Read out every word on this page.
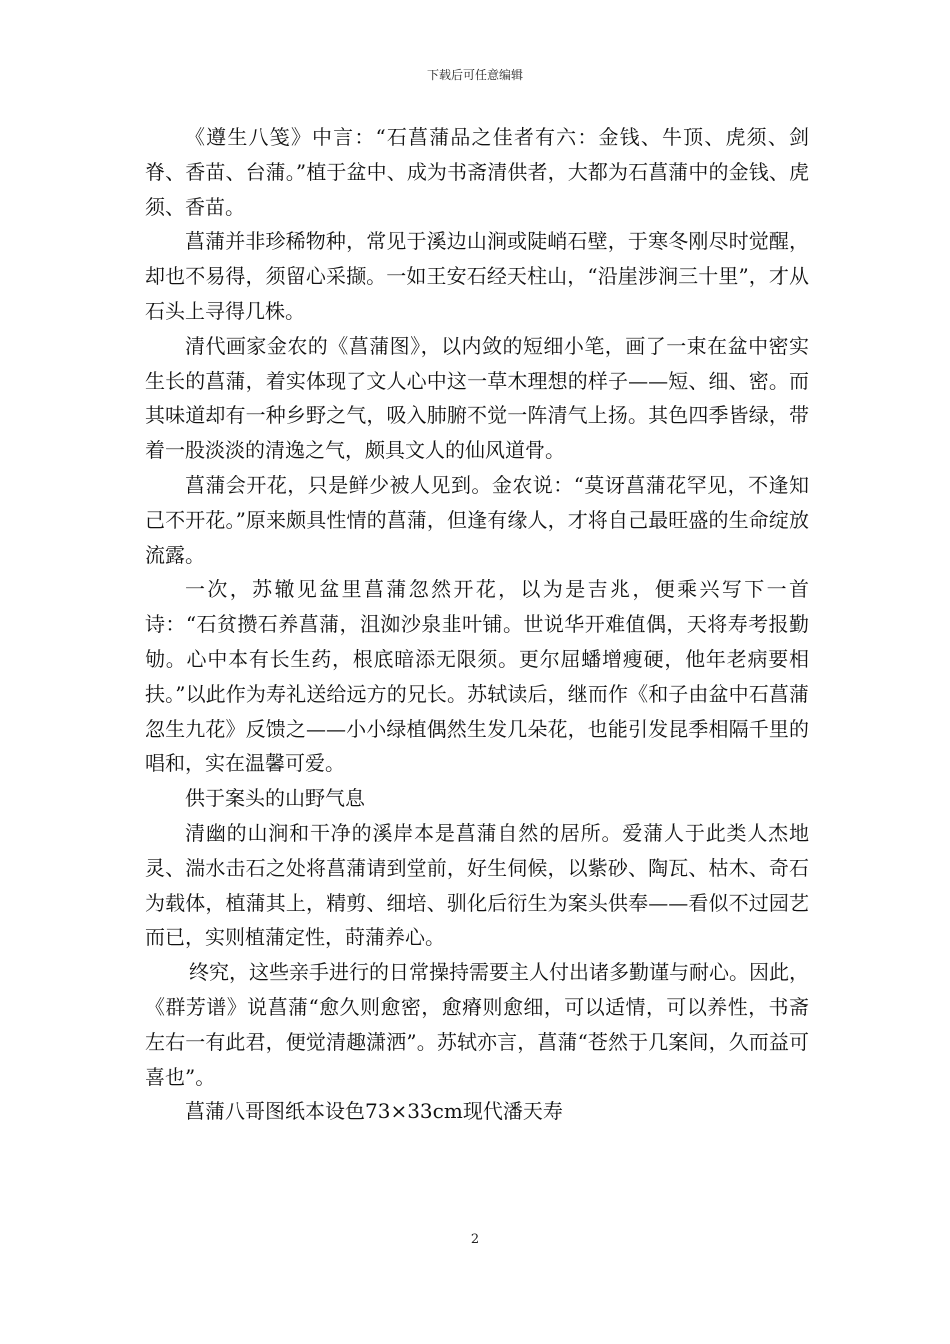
下载后可任意编辑

《遵生八笺》中言：“石菖蒲品之佳者有六：金钱、牛顶、虎须、剑脊、香苗、台蒲。”植于盆中、成为书斋清供者，大都为石菖蒲中的金钱、虎须、香苗。

菖蒲并非珍稀物种，常见于溪边山涧或陡峭石壁，于寒冬刚尽时觉醒，却也不易得，须留心采撷。一如王安石经天柱山，“沿崖涉涧三十里”，才从石头上寻得几株。

清代画家金农的《菖蒲图》，以内敛的短细小笔，画了一束在盆中密实生长的菖蒲，着实体现了文人心中这一草木理想的样子——短、细、密。而其味道却有一种乡野之气，吸入肺腑不觉一阵清气上扬。其色四季皆绿，带着一股淡淡的清逸之气，颇具文人的仙风道骨。

菖蒲会开花，只是鲜少被人见到。金农说：“莫讶菖蒲花罕见，不逢知己不开花。”原来颇具性情的菖蒲，但逢有缘人，才将自己最旺盛的生命绽放流露。

一次，苏辙见盆里菖蒲忽然开花，以为是吉兆，便乘兴写下一首诗：“石贫攒石养菖蒲，沮洳沙泉韭叶铺。世说华开难值偶，天将寿考报勤劬。心中本有长生药，根底暗添无限须。更尔屈蟠增瘦硬，他年老病要相扶。”以此作为寿礼送给远方的兄长。苏轼读后，继而作《和子由盆中石菖蒲忽生九花》反馈之——小小绿植偶然生发几朵花，也能引发昆季相隔千里的唱和，实在温馨可爱。

供于案头的山野气息

清幽的山涧和干净的溪岸本是菖蒲自然的居所。爱蒲人于此类人杰地灵、湍水击石之处将菖蒲请到堂前，好生伺候，以紫砂、陶瓦、枯木、奇石为载体，植蒲其上，精剪、细培、驯化后衍生为案头供奉——看似不过园艺而已，实则植蒲定性，莳蒲养心。

终究，这些亲手进行的日常操持需要主人付出诸多勤谨与耐心。因此，《群芳谱》说菖蒲“愈久则愈密，愈瘠则愈细，可以适情，可以养性，书斋左右一有此君，便觉清趣潇洒”。苏轼亦言，菖蒲“苍然于几案间，久而益可喜也”。

菖蒲八哥图纸本设色73×33cm现代潘天寿

2
